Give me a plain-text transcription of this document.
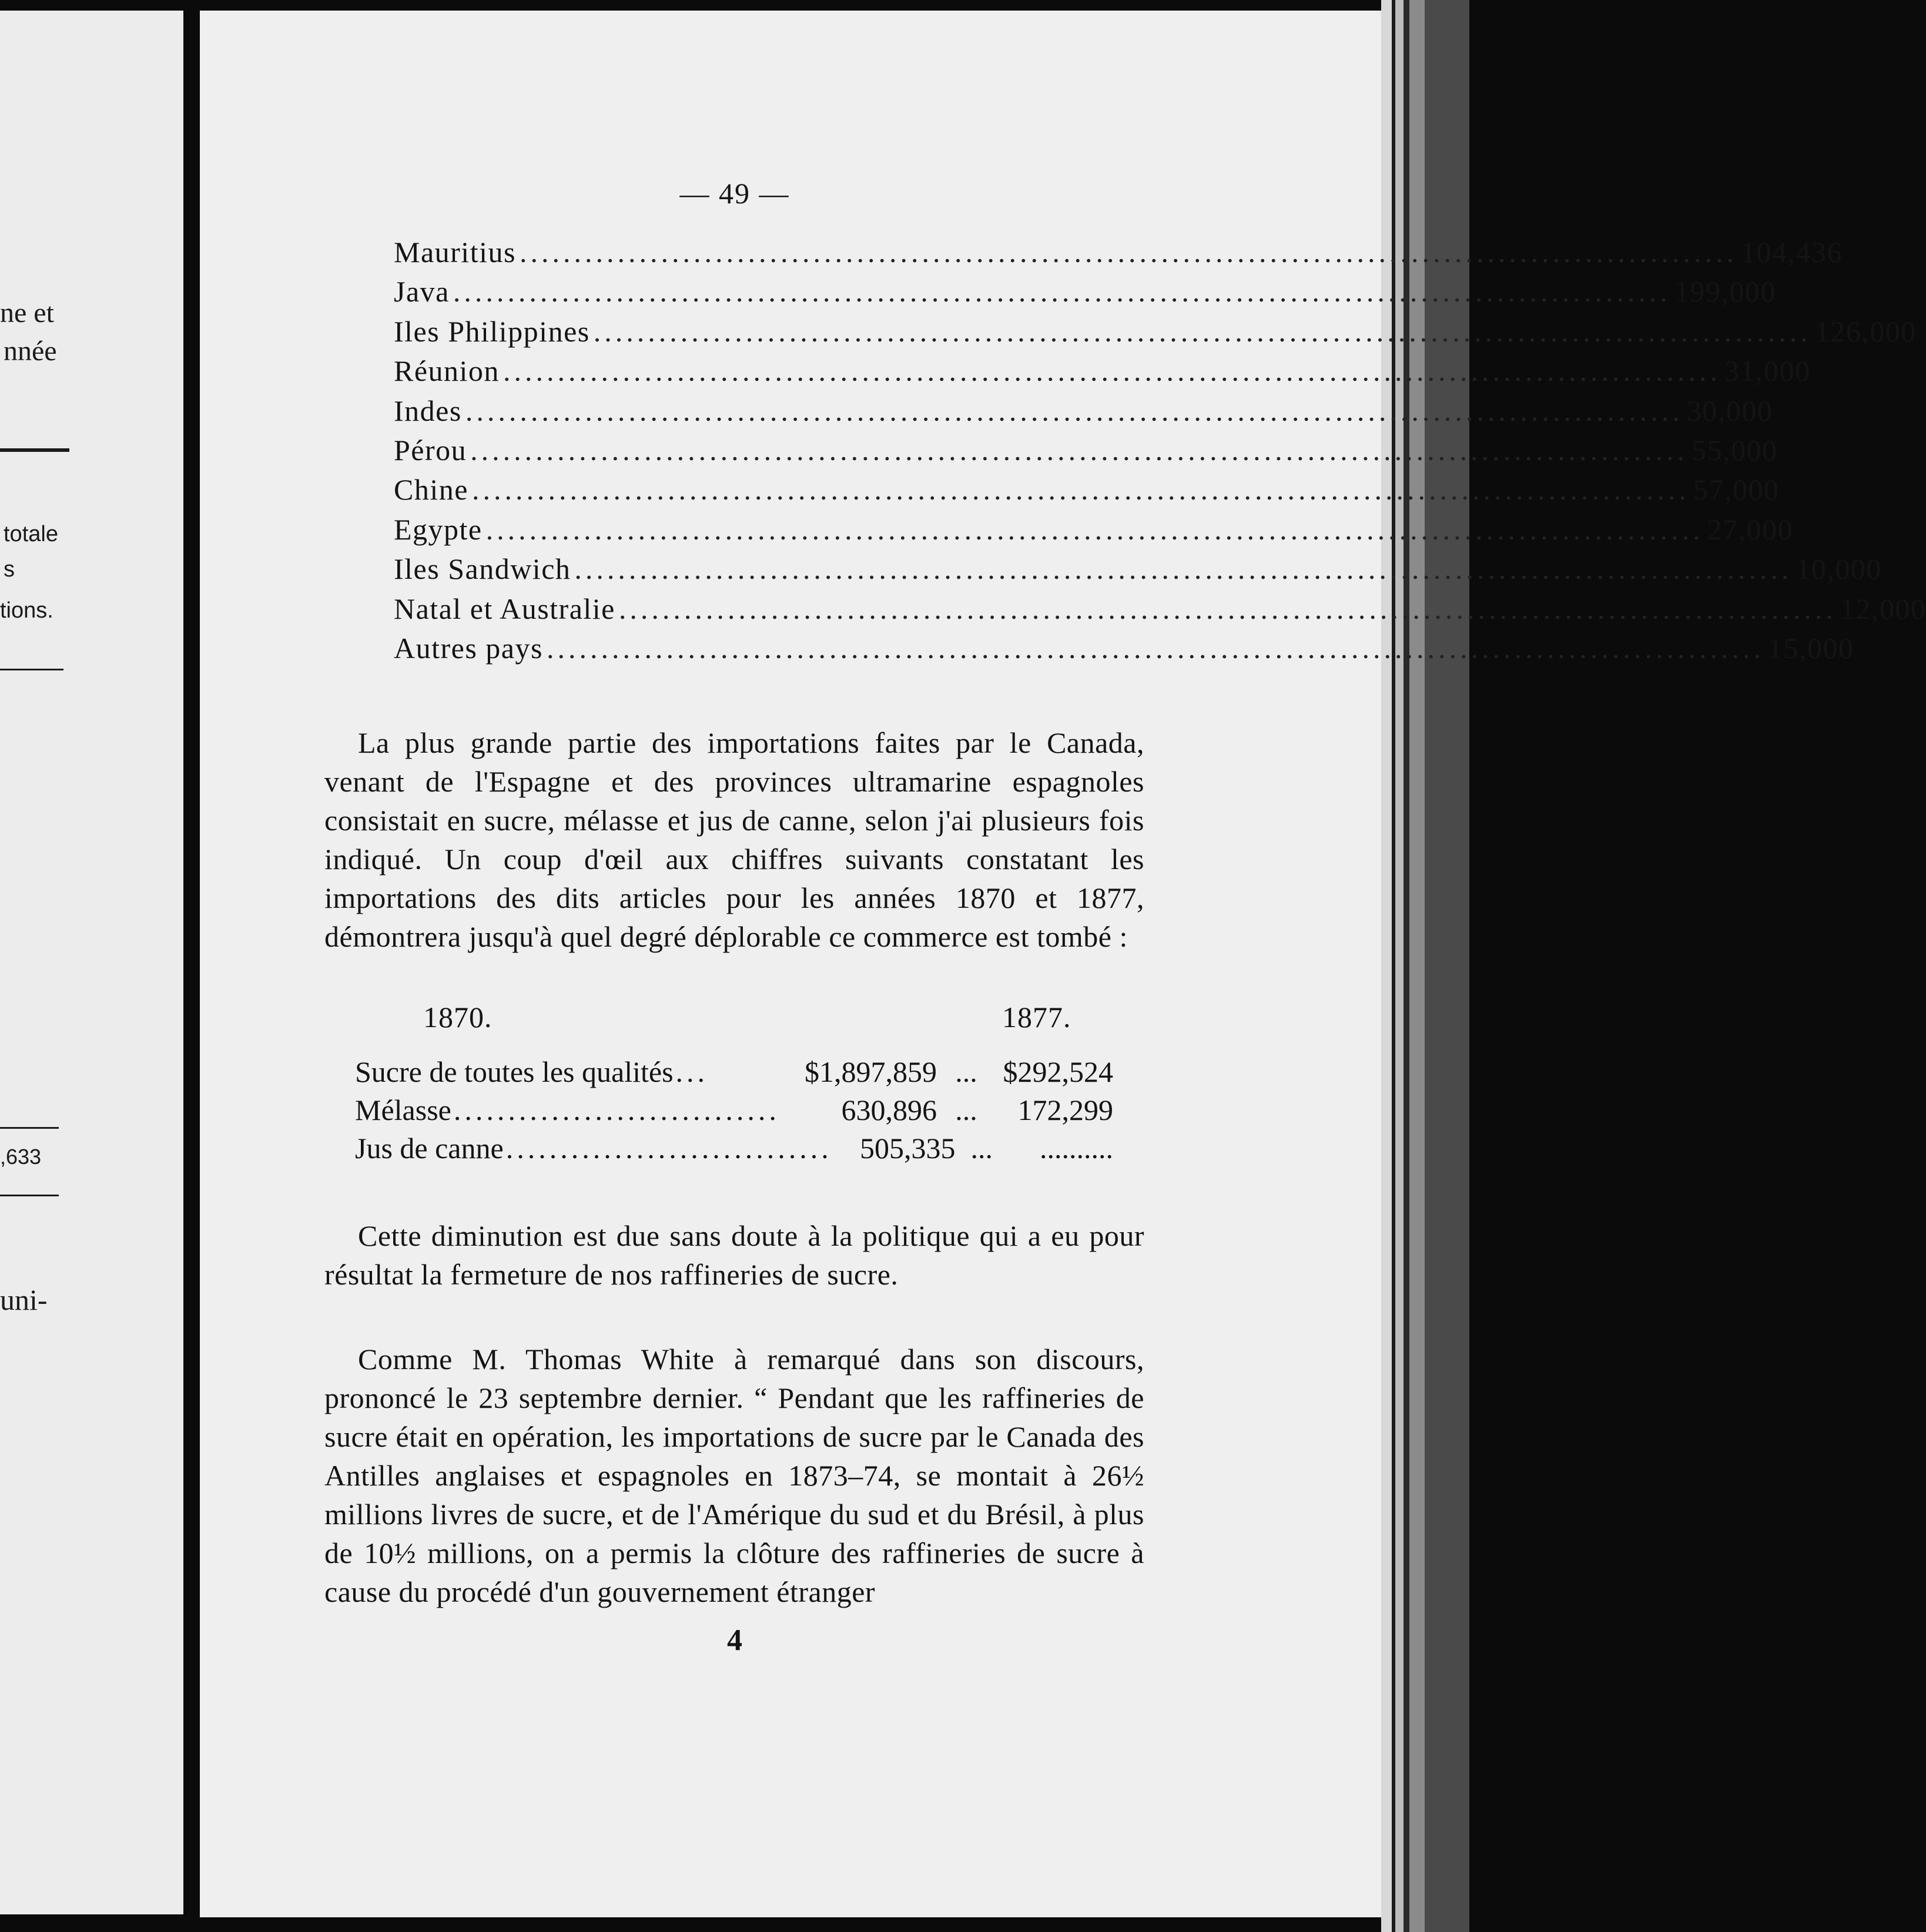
ne et
nnée
totale
s
tions.
,633
uni-
— 49 —
Mauritius ................................................................................................................ 104,436
Java ................................................................................................................ 199,000
Iles Philippines ................................................................................................................ 126,000
Réunion ................................................................................................................ 31,000
Indes ................................................................................................................ 30,000
Pérou ................................................................................................................ 55,000
Chine ................................................................................................................ 57,000
Egypte ................................................................................................................ 27,000
Iles Sandwich ................................................................................................................ 10,000
Natal et Australie ................................................................................................................ 12,000
Autres pays ................................................................................................................ 15,000

La plus grande partie des importations faites par le Canada, venant de l'Espagne et des provinces ultramarine espagnoles consistait en sucre, mélasse et jus de canne, selon j'ai plusieurs fois indiqué. Un coup d'œil aux chiffres suivants constatant les importations des dits articles pour les années 1870 et 1877, démontrera jusqu'à quel degré déplorable ce commerce est tombé :

1870.	1877.
Sucre de toutes les qualités ...	$1,897,859 ... $292,524
Mélasse ..............................	630,896 ...	172,299
Jus de canne .............................. 505,335 ...	..........

Cette diminution est due sans doute à la politique qui a eu pour résultat la fermeture de nos raffineries de sucre.

Comme M. Thomas White à remarqué dans son discours, prononcé le 23 septembre dernier. “ Pendant que les raffineries de sucre était en opération, les importations de sucre par le Canada des Antilles anglaises et espagnoles en 1873–74, se montait à 26½ millions livres de sucre, et de l'Amérique du sud et du Brésil, à plus de 10½ millions, on a permis la clôture des raffineries de sucre à cause du procédé d'un gouvernement étranger

4
